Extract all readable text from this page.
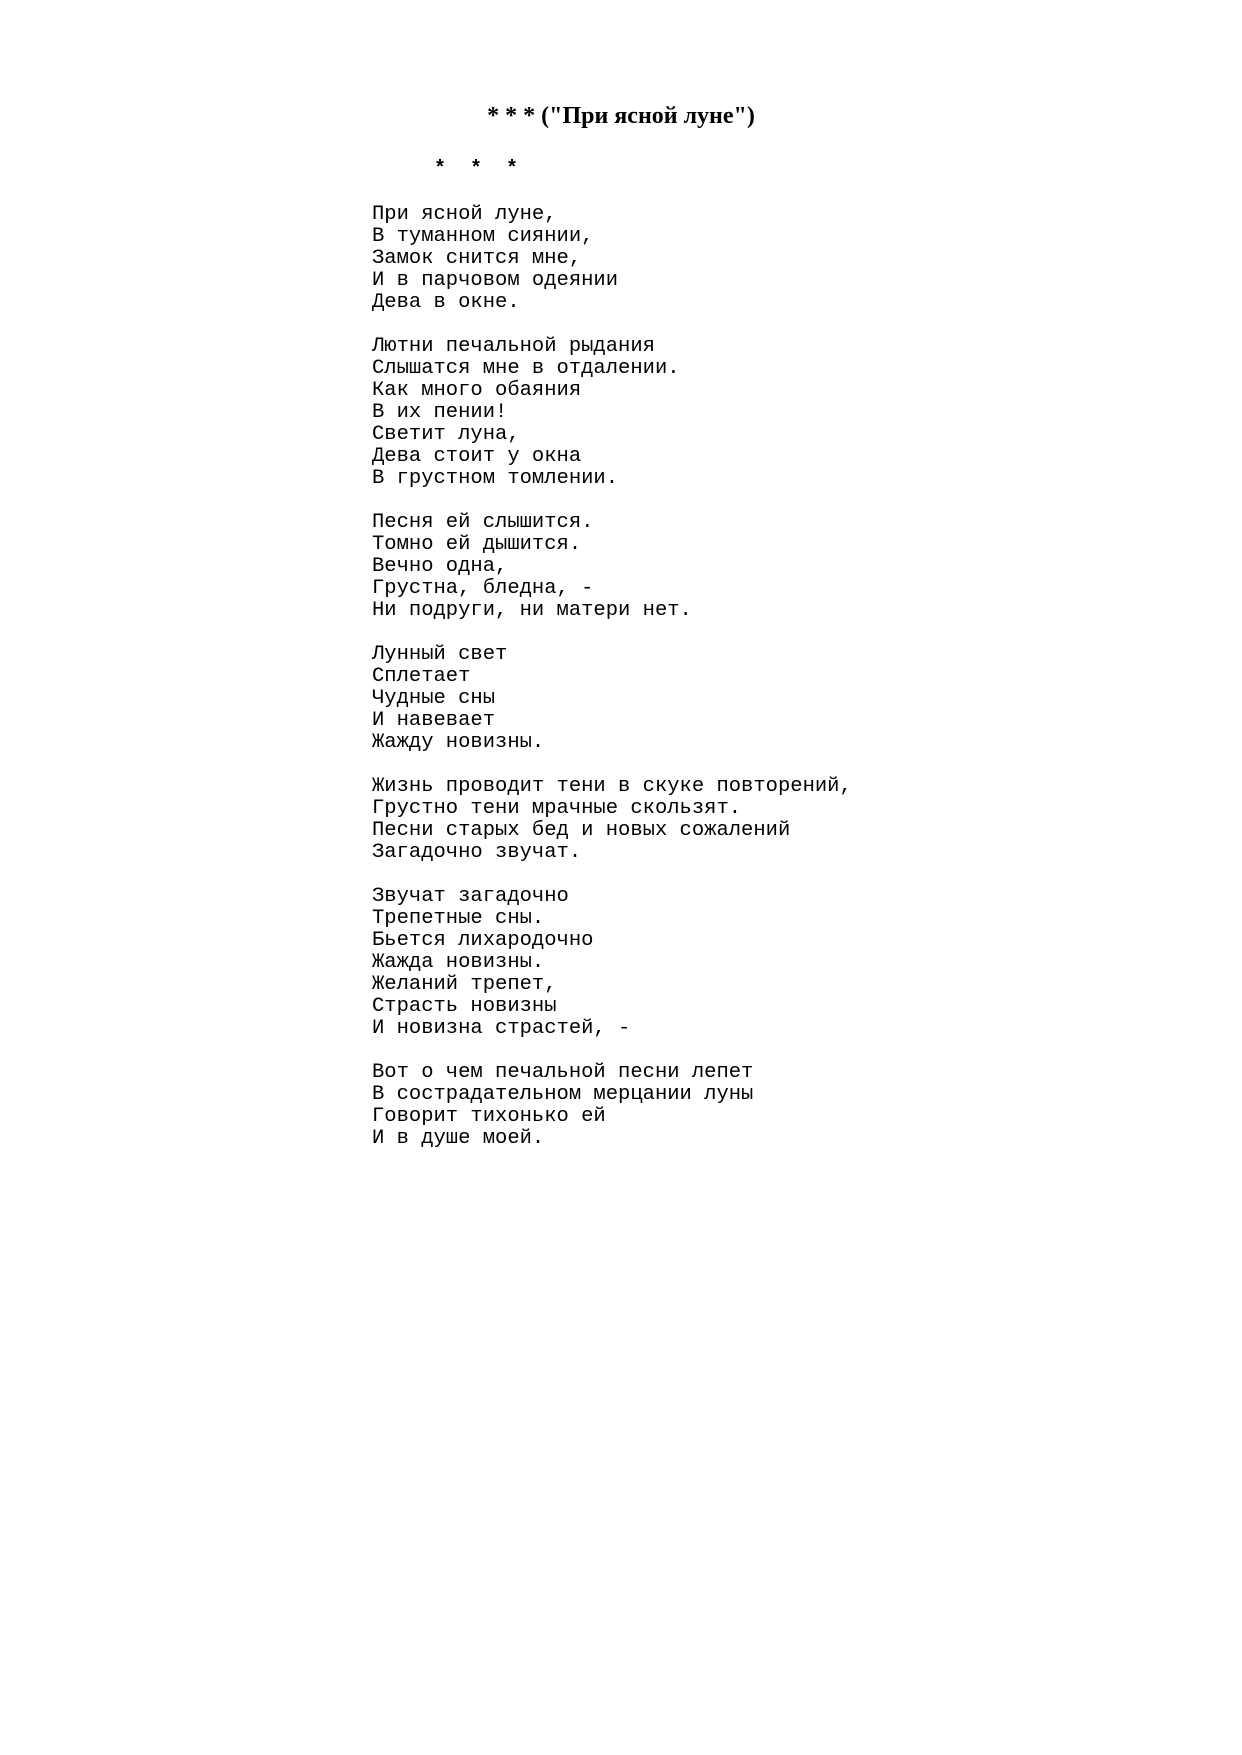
* * * ("При ясной луне")
*  *  *
При ясной луне,
В туманном сиянии,
Замок снится мне,
И в парчовом одеянии
Дева в окне.
Лютни печальной рыдания
Слышатся мне в отдалении.
Как много обаяния
В их пении!
Светит луна,
Дева стоит у окна
В грустном томлении.
Песня ей слышится.
Томно ей дышится.
Вечно одна,
Грустна, бледна, -
Ни подруги, ни матери нет.
Лунный свет
Сплетает
Чудные сны
И навевает
Жажду новизны.
Жизнь проводит тени в скуке повторений,
Грустно тени мрачные скользят.
Песни старых бед и новых сожалений
Загадочно звучат.
Звучат загадочно
Трепетные сны.
Бьется лихародочно
Жажда новизны.
Желаний трепет,
Страсть новизны
И новизна страстей, -
Вот о чем печальной песни лепет
В сострадательном мерцании луны
Говорит тихонько ей
И в душе моей.
